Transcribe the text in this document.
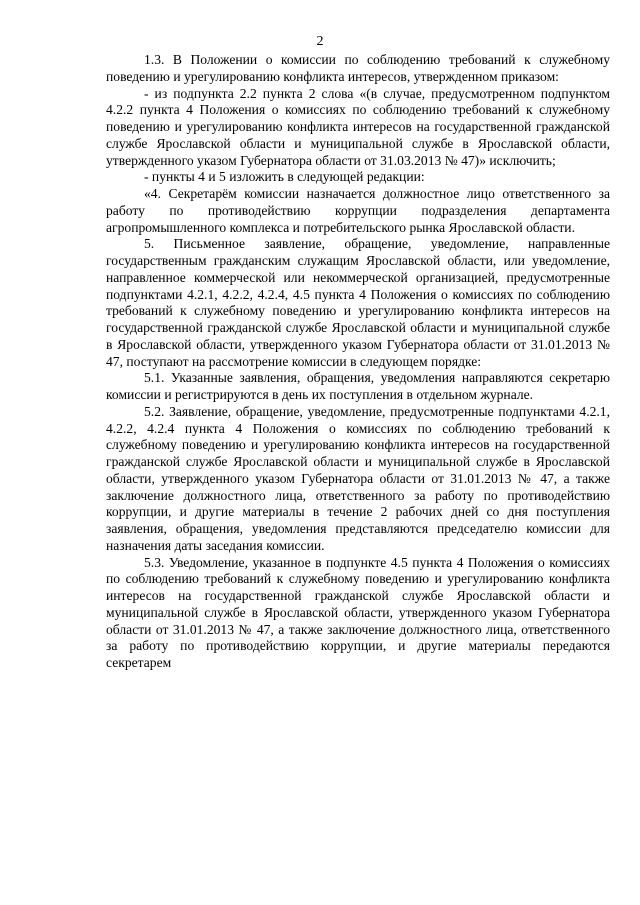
2

1.3. В Положении о комиссии по соблюдению требований к служебному поведению и урегулированию конфликта интересов, утвержденном приказом:

- из подпункта 2.2 пункта 2 слова «(в случае, предусмотренном подпунктом 4.2.2 пункта 4 Положения о комиссиях по соблюдению требований к служебному поведению и урегулированию конфликта интересов на государственной гражданской службе Ярославской области и муниципальной службе в Ярославской области, утвержденного указом Губернатора области от 31.03.2013 № 47)» исключить;

- пункты 4 и 5 изложить в следующей редакции:

«4. Секретарём комиссии назначается должностное лицо ответственного за работу по противодействию коррупции подразделения департамента агропромышленного комплекса и потребительского рынка Ярославской области.

5. Письменное заявление, обращение, уведомление, направленные государственным гражданским служащим Ярославской области, или уведомление, направленное коммерческой или некоммерческой организацией, предусмотренные подпунктами 4.2.1, 4.2.2, 4.2.4, 4.5 пункта 4 Положения о комиссиях по соблюдению требований к служебному поведению и урегулированию конфликта интересов на государственной гражданской службе Ярославской области и муниципальной службе в Ярославской области, утвержденного указом Губернатора области от 31.01.2013 № 47, поступают на рассмотрение комиссии в следующем порядке:

5.1. Указанные заявления, обращения, уведомления направляются секретарю комиссии и регистрируются в день их поступления в отдельном журнале.

5.2. Заявление, обращение, уведомление, предусмотренные подпунктами 4.2.1, 4.2.2, 4.2.4 пункта 4 Положения о комиссиях по соблюдению требований к служебному поведению и урегулированию конфликта интересов на государственной гражданской службе Ярославской области и муниципальной службе в Ярославской области, утвержденного указом Губернатора области от 31.01.2013 № 47, а также заключение должностного лица, ответственного за работу по противодействию коррупции, и другие материалы в течение 2 рабочих дней со дня поступления заявления, обращения, уведомления представляются председателю комиссии для назначения даты заседания комиссии.

5.3. Уведомление, указанное в подпункте 4.5 пункта 4 Положения о комиссиях по соблюдению требований к служебному поведению и урегулированию конфликта интересов на государственной гражданской службе Ярославской области и муниципальной службе в Ярославской области, утвержденного указом Губернатора области от 31.01.2013 № 47, а также заключение должностного лица, ответственного за работу по противодействию коррупции, и другие материалы передаются секретарем
